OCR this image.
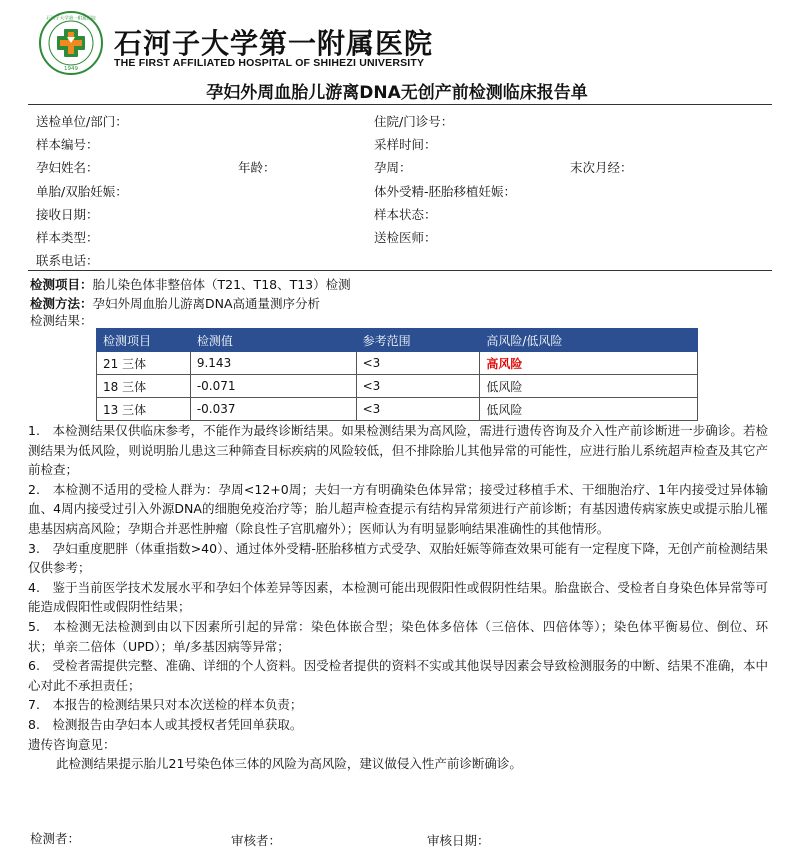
1949
石河子大学第一附属医院
石河子大学第一附属医院
THE FIRST AFFILIATED HOSPITAL OF SHIHEZI UNIVERSITY
孕妇外周血胎儿游离DNA无创产前检测临床报告单
送检单位/部门：	住院/门诊号：
样本编号：	采样时间：
孕妇姓名：	年龄：	孕周：	末次月经：
单胎/双胎妊娠：	体外受精-胚胎移植妊娠：
接收日期：	样本状态：
样本类型：	送检医师：
联系电话：
检测项目：胎儿染色体非整倍体（T21、T18、T13）检测
检测方法：孕妇外周血胎儿游离DNA高通量测序分析
检测结果：
检测项目	检测值	参考范围	高风险/低风险
21 三体	9.143	<3	高风险
18 三体	-0.071	<3	低风险
13 三体	-0.037	<3	低风险

1.　本检测结果仅供临床参考，不能作为最终诊断结果。如果检测结果为高风险，需进行遗传咨询及介入性产前诊断进一步确诊。若检测结果为低风险，则说明胎儿患这三种筛查目标疾病的风险较低，但不排除胎儿其他异常的可能性，应进行胎儿系统超声检查及其它产前检查；

2.　本检测不适用的受检人群为：孕周<12+0周；夫妇一方有明确染色体异常；接受过移植手术、干细胞治疗、1年内接受过异体输血、4周内接受过引入外源DNA的细胞免疫治疗等；胎儿超声检查提示有结构异常须进行产前诊断；有基因遗传病家族史或提示胎儿罹患基因病高风险；孕期合并恶性肿瘤（除良性子宫肌瘤外）；医师认为有明显影响结果准确性的其他情形。

3.　孕妇重度肥胖（体重指数>40）、通过体外受精-胚胎移植方式受孕、双胎妊娠等筛查效果可能有一定程度下降，无创产前检测结果仅供参考；

4.　鉴于当前医学技术发展水平和孕妇个体差异等因素，本检测可能出现假阳性或假阴性结果。胎盘嵌合、受检者自身染色体异常等可能造成假阳性或假阴性结果；

5.　本检测无法检测到由以下因素所引起的异常：染色体嵌合型；染色体多倍体（三倍体、四倍体等）；染色体平衡易位、倒位、环状；单亲二倍体（UPD）；单/多基因病等异常；

6.　受检者需提供完整、准确、详细的个人资料。因受检者提供的资料不实或其他误导因素会导致检测服务的中断、结果不准确，本中心对此不承担责任；

7.　本报告的检测结果只对本次送检的样本负责；

8.　检测报告由孕妇本人或其授权者凭回单获取。

遗传咨询意见：

此检测结果提示胎儿21号染色体三体的风险为高风险，建议做侵入性产前诊断确诊。

检测者：	审核者：	审核日期：
